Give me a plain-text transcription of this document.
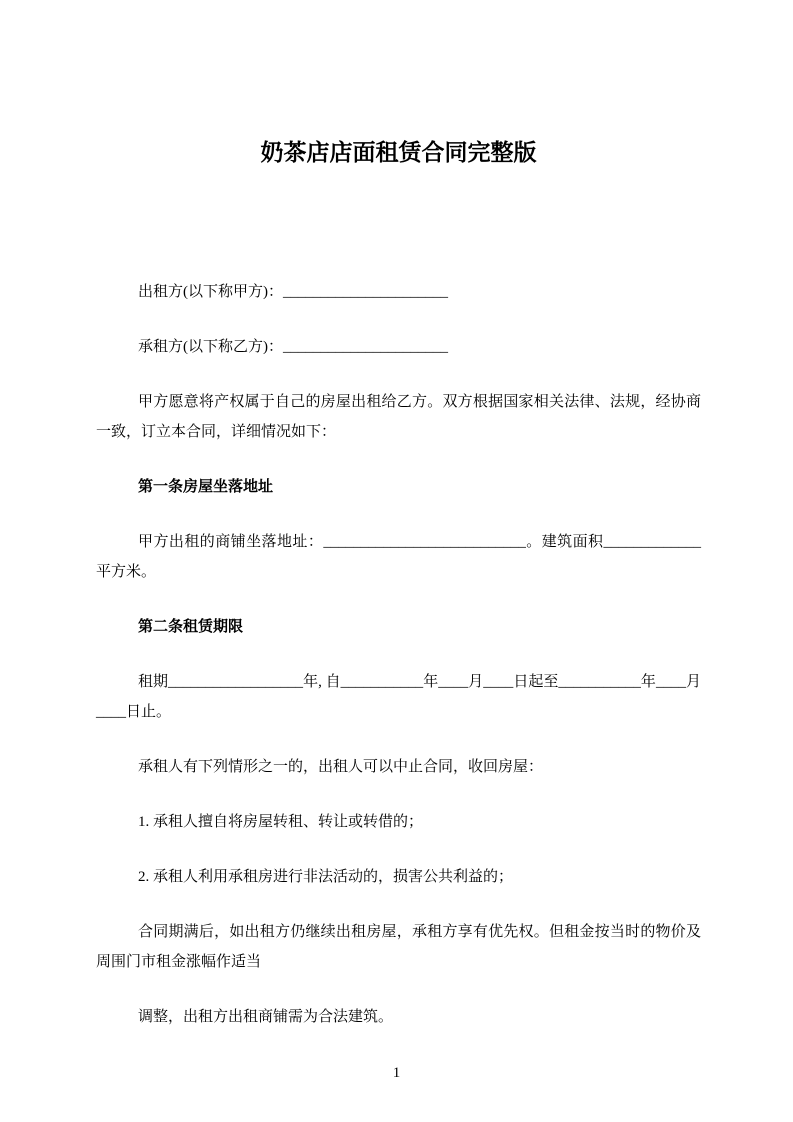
奶茶店店面租赁合同完整版

出租方(以下称甲方)：______________________

承租方(以下称乙方)：______________________

甲方愿意将产权属于自己的房屋出租给乙方。双方根据国家相关法律、法规，经协商一致，订立本合同，详细情况如下：

第一条房屋坐落地址

甲方出租的商铺坐落地址：___________________________。建筑面积_____________平方米。

第二条租赁期限

租期__________________年, 自___________年____月____日起至___________年____月____日止。

承租人有下列情形之一的，出租人可以中止合同，收回房屋：

1. 承租人擅自将房屋转租、转让或转借的；

2. 承租人利用承租房进行非法活动的，损害公共利益的；

合同期满后，如出租方仍继续出租房屋，承租方享有优先权。但租金按当时的物价及周围门市租金涨幅作适当

调整，出租方出租商铺需为合法建筑。

1
